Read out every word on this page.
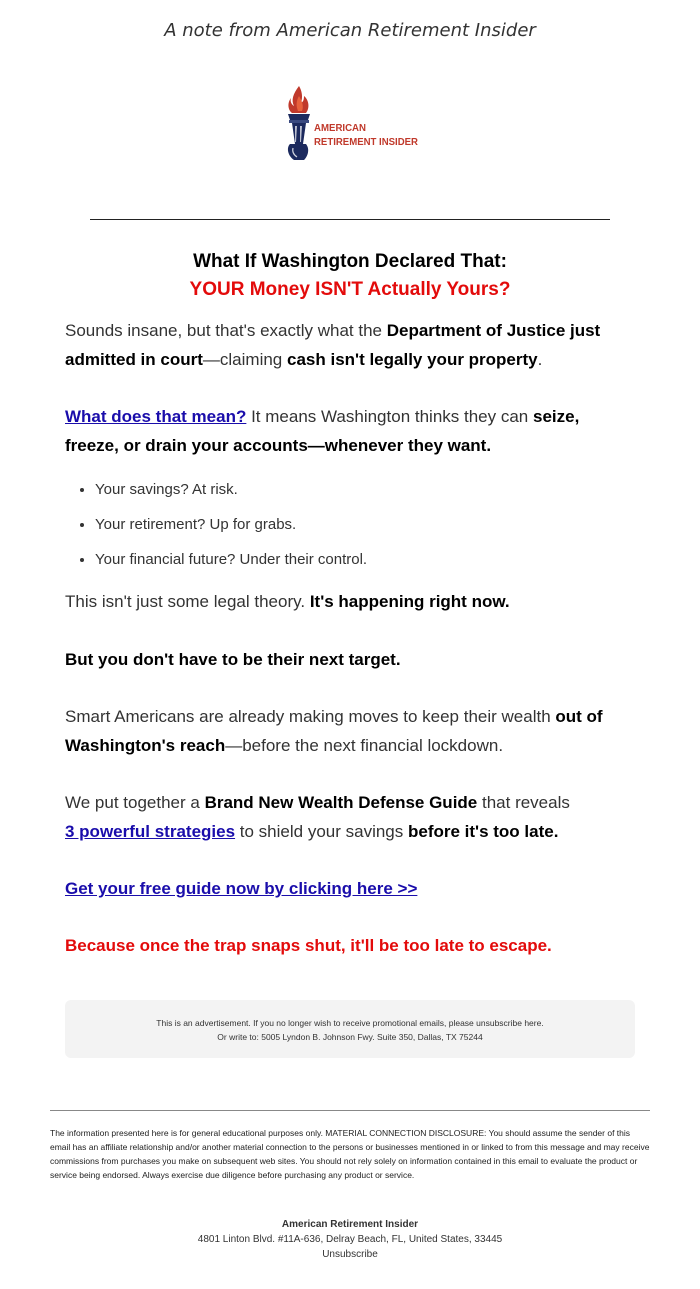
A note from American Retirement Insider
AMERICAN
RETIREMENT INSIDER
What If Washington Declared That:
YOUR Money ISN'T Actually Yours?

Sounds insane, but that's exactly what the Department of Justice just admitted in court—claiming cash isn't legally your property.

What does that mean? It means Washington thinks they can seize, freeze, or drain your accounts—whenever they want.

• Your savings? At risk.
• Your retirement? Up for grabs.
• Your financial future? Under their control.

This isn't just some legal theory. It's happening right now.

But you don't have to be their next target.

Smart Americans are already making moves to keep their wealth out of Washington's reach—before the next financial lockdown.

We put together a Brand New Wealth Defense Guide that reveals
3 powerful strategies to shield your savings before it's too late.

Get your free guide now by clicking here >>

Because once the trap snaps shut, it'll be too late to escape.

This is an advertisement. If you no longer wish to receive promotional emails, please unsubscribe here.
Or write to: 5005 Lyndon B. Johnson Fwy. Suite 350, Dallas, TX 75244
The information presented here is for general educational purposes only. MATERIAL CONNECTION DISCLOSURE: You should assume the sender of this email has an affiliate relationship and/or another material connection to the persons or businesses mentioned in or linked to from this message and may receive commissions from purchases you make on subsequent web sites. You should not rely solely on information contained in this email to evaluate the product or service being endorsed. Always exercise due diligence before purchasing any product or service.
American Retirement Insider
4801 Linton Blvd. #11A-636, Delray Beach, FL, United States, 33445
Unsubscribe
